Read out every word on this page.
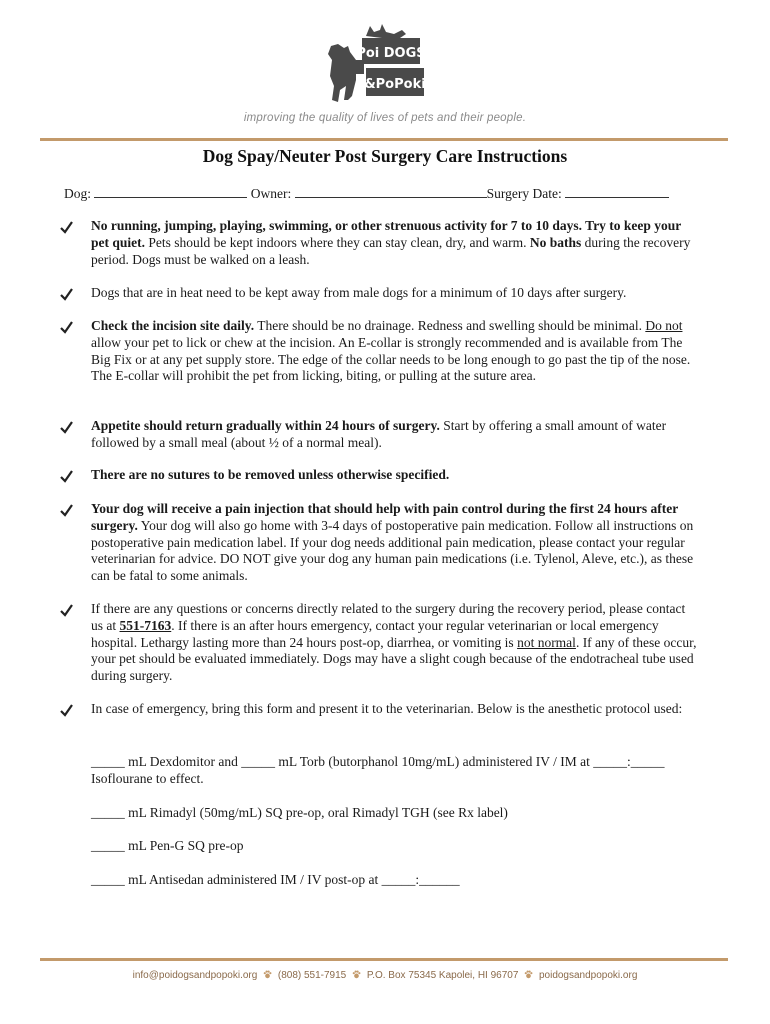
Poi DOGS
&PoPoki
improving the quality of lives of pets and their people.
Dog Spay/Neuter Post Surgery Care Instructions
Dog:	Owner:	Surgery Date:
No running, jumping, playing, swimming, or other strenuous activity for 7 to 10 days. Try to keep your pet quiet. Pets should be kept indoors where they can stay clean, dry, and warm. No baths during the recovery period. Dogs must be walked on a leash.
Dogs that are in heat need to be kept away from male dogs for a minimum of 10 days after surgery.
Check the incision site daily. There should be no drainage. Redness and swelling should be minimal. Do not allow your pet to lick or chew at the incision. An E-collar is strongly recommended and is available from The Big Fix or at any pet supply store. The edge of the collar needs to be long enough to go past the tip of the nose. The E-collar will prohibit the pet from licking, biting, or pulling at the suture area.
Appetite should return gradually within 24 hours of surgery. Start by offering a small amount of water followed by a small meal (about ½ of a normal meal).
There are no sutures to be removed unless otherwise specified.
Your dog will receive a pain injection that should help with pain control during the first 24 hours after surgery. Your dog will also go home with 3-4 days of postoperative pain medication. Follow all instructions on postoperative pain medication label. If your dog needs additional pain medication, please contact your regular veterinarian for advice. DO NOT give your dog any human pain medications (i.e. Tylenol, Aleve, etc.), as these can be fatal to some animals.
If there are any questions or concerns directly related to the surgery during the recovery period, please contact us at 551-7163. If there is an after hours emergency, contact your regular veterinarian or local emergency hospital. Lethargy lasting more than 24 hours post-op, diarrhea, or vomiting is not normal. If any of these occur, your pet should be evaluated immediately. Dogs may have a slight cough because of the endotracheal tube used during surgery.
In case of emergency, bring this form and present it to the veterinarian. Below is the anesthetic protocol used:
_____ mL Dexdomitor and _____ mL Torb (butorphanol 10mg/mL) administered IV / IM at _____:_____
Isoflourane to effect.
_____ mL Rimadyl (50mg/mL) SQ pre-op, oral Rimadyl TGH (see Rx label)
_____ mL Pen-G SQ pre-op
_____ mL Antisedan administered IM / IV post-op at _____:______
info@poidogsandpopoki.org (808) 551-7915 P.O. Box 75345 Kapolei, HI 96707 poidogsandpopoki.org
